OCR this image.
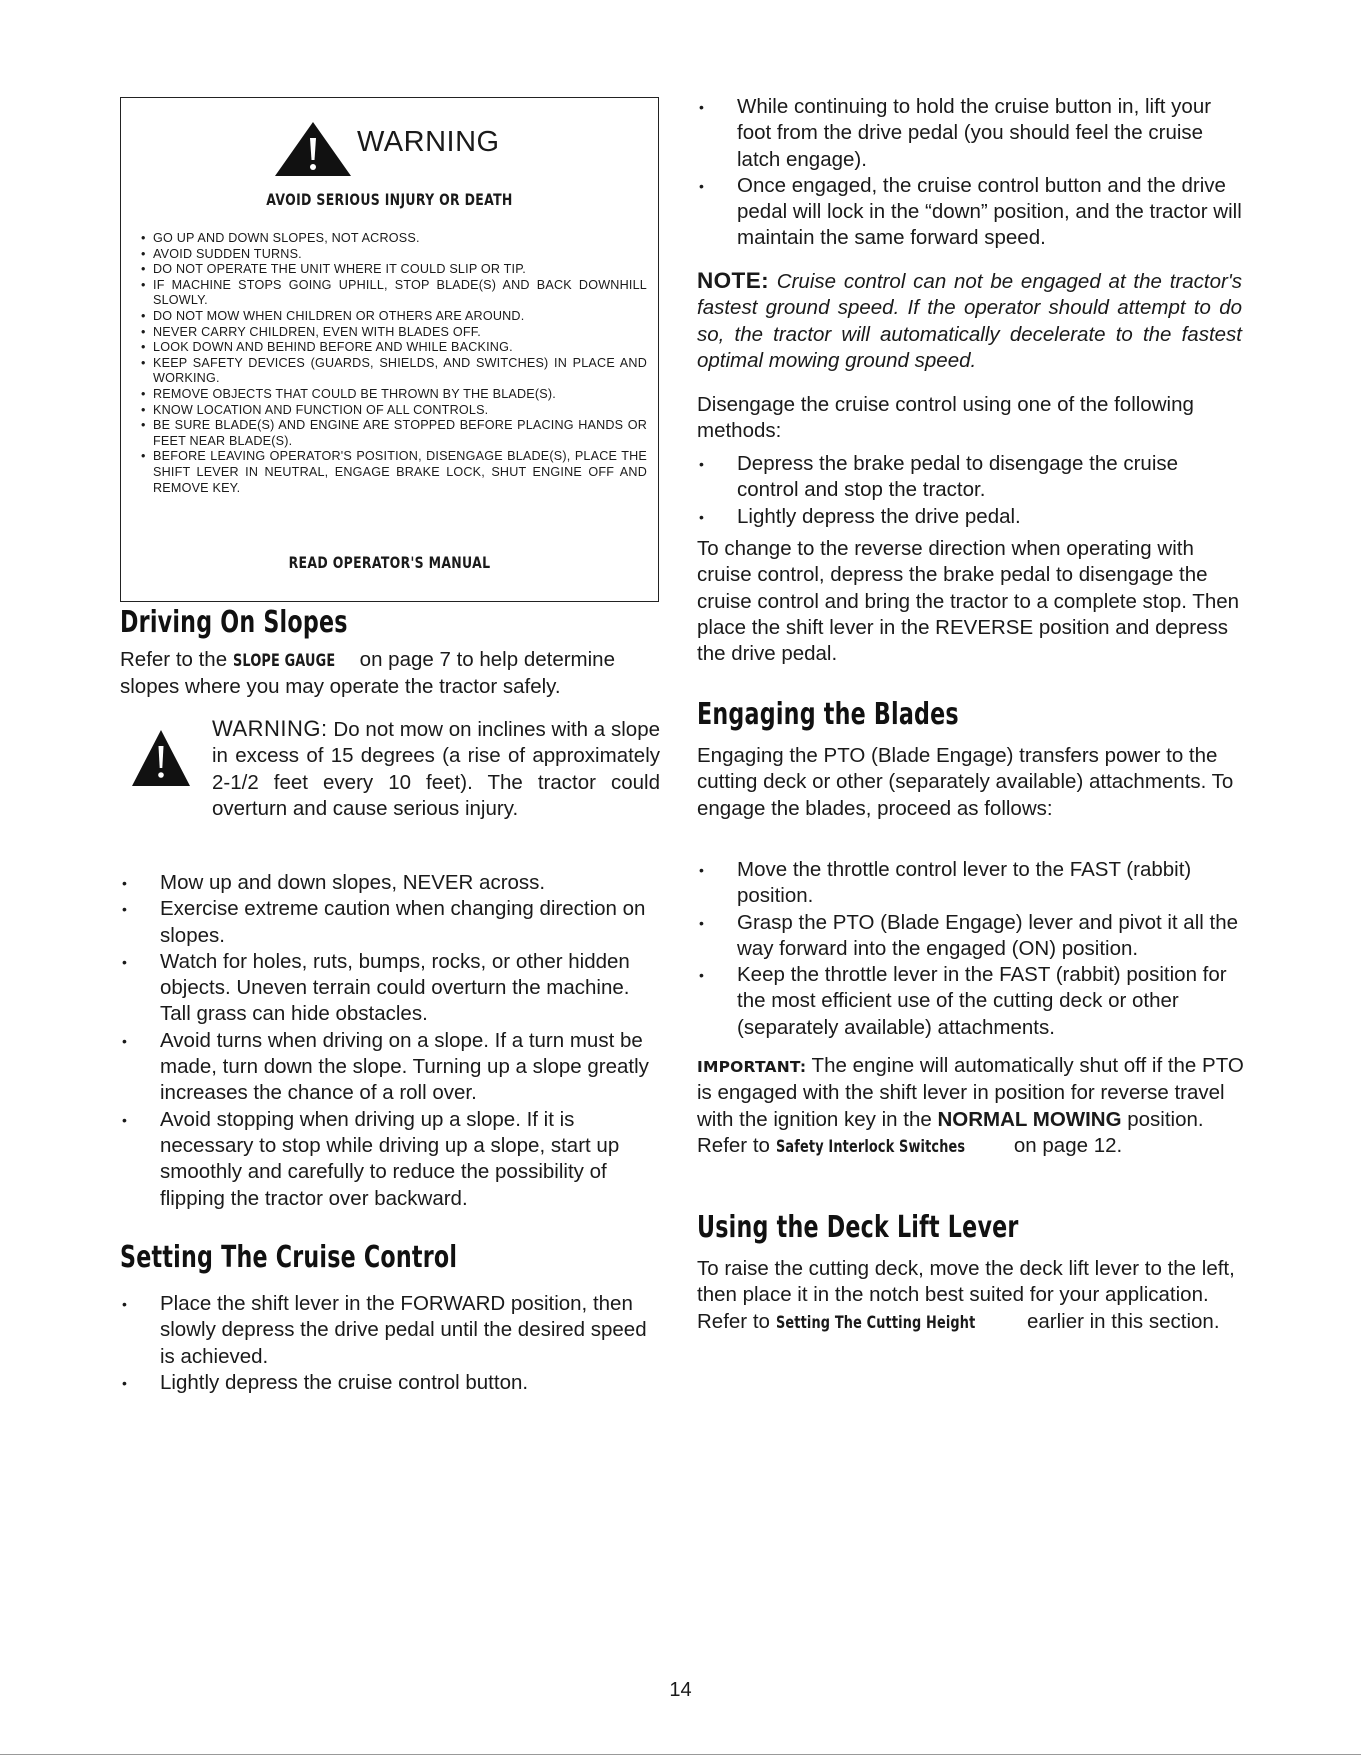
WARNING
AVOID SERIOUS INJURY OR DEATH
• GO UP AND DOWN SLOPES, NOT ACROSS.
• AVOID SUDDEN TURNS.
• DO NOT OPERATE THE UNIT WHERE IT COULD SLIP OR TIP.
• IF MACHINE STOPS GOING UPHILL, STOP BLADE(S) AND BACK DOWNHILL SLOWLY.
• DO NOT MOW WHEN CHILDREN OR OTHERS ARE AROUND.
• NEVER CARRY CHILDREN, EVEN WITH BLADES OFF.
• LOOK DOWN AND BEHIND BEFORE AND WHILE BACKING.
• KEEP SAFETY DEVICES (GUARDS, SHIELDS, AND SWITCHES) IN PLACE AND WORKING.
• REMOVE OBJECTS THAT COULD BE THROWN BY THE BLADE(S).
• KNOW LOCATION AND FUNCTION OF ALL CONTROLS.
• BE SURE BLADE(S) AND ENGINE ARE STOPPED BEFORE PLACING HANDS OR FEET NEAR BLADE(S).
• BEFORE LEAVING OPERATOR'S POSITION, DISENGAGE BLADE(S), PLACE THE SHIFT LEVER IN NEUTRAL, ENGAGE BRAKE LOCK, SHUT ENGINE OFF AND REMOVE KEY.
READ OPERATOR'S MANUAL
Driving On Slopes

Refer to the SLOPE GAUGE on page 7 to help determine slopes where you may operate the tractor safely.

WARNING: Do not mow on inclines with a slope in excess of 15 degrees (a rise of approximately 2-1/2 feet every 10 feet). The tractor could overturn and cause serious injury.
• Mow up and down slopes, NEVER across.
• Exercise extreme caution when changing direction on slopes.
• Watch for holes, ruts, bumps, rocks, or other hidden objects. Uneven terrain could overturn the machine. Tall grass can hide obstacles.
• Avoid turns when driving on a slope. If a turn must be made, turn down the slope. Turning up a slope greatly increases the chance of a roll over.
• Avoid stopping when driving up a slope. If it is necessary to stop while driving up a slope, start up smoothly and carefully to reduce the possibility of flipping the tractor over backward.
Setting The Cruise Control
• Place the shift lever in the FORWARD position, then slowly depress the drive pedal until the desired speed is achieved.
• Lightly depress the cruise control button.
• While continuing to hold the cruise button in, lift your foot from the drive pedal (you should feel the cruise latch engage).
• Once engaged, the cruise control button and the drive pedal will lock in the “down” position, and the tractor will maintain the same forward speed.
NOTE: Cruise control can not be engaged at the tractor's fastest ground speed. If the operator should attempt to do so, the tractor will automatically decelerate to the fastest optimal mowing ground speed.

Disengage the cruise control using one of the following methods:

• Depress the brake pedal to disengage the cruise control and stop the tractor.
• Lightly depress the drive pedal.

To change to the reverse direction when operating with cruise control, depress the brake pedal to disengage the cruise control and bring the tractor to a complete stop. Then place the shift lever in the REVERSE position and depress the drive pedal.

Engaging the Blades

Engaging the PTO (Blade Engage) transfers power to the cutting deck or other (separately available) attachments. To engage the blades, proceed as follows:

• Move the throttle control lever to the FAST (rabbit) position.
• Grasp the PTO (Blade Engage) lever and pivot it all the way forward into the engaged (ON) position.
• Keep the throttle lever in the FAST (rabbit) position for the most efficient use of the cutting deck or other (separately available) attachments.

IMPORTANT: The engine will automatically shut off if the PTO is engaged with the shift lever in position for reverse travel with the ignition key in the NORMAL MOWING position. Refer to Safety Interlock Switches on page 12.

Using the Deck Lift Lever

To raise the cutting deck, move the deck lift lever to the left, then place it in the notch best suited for your application. Refer to Setting The Cutting Height earlier in this section.

14
